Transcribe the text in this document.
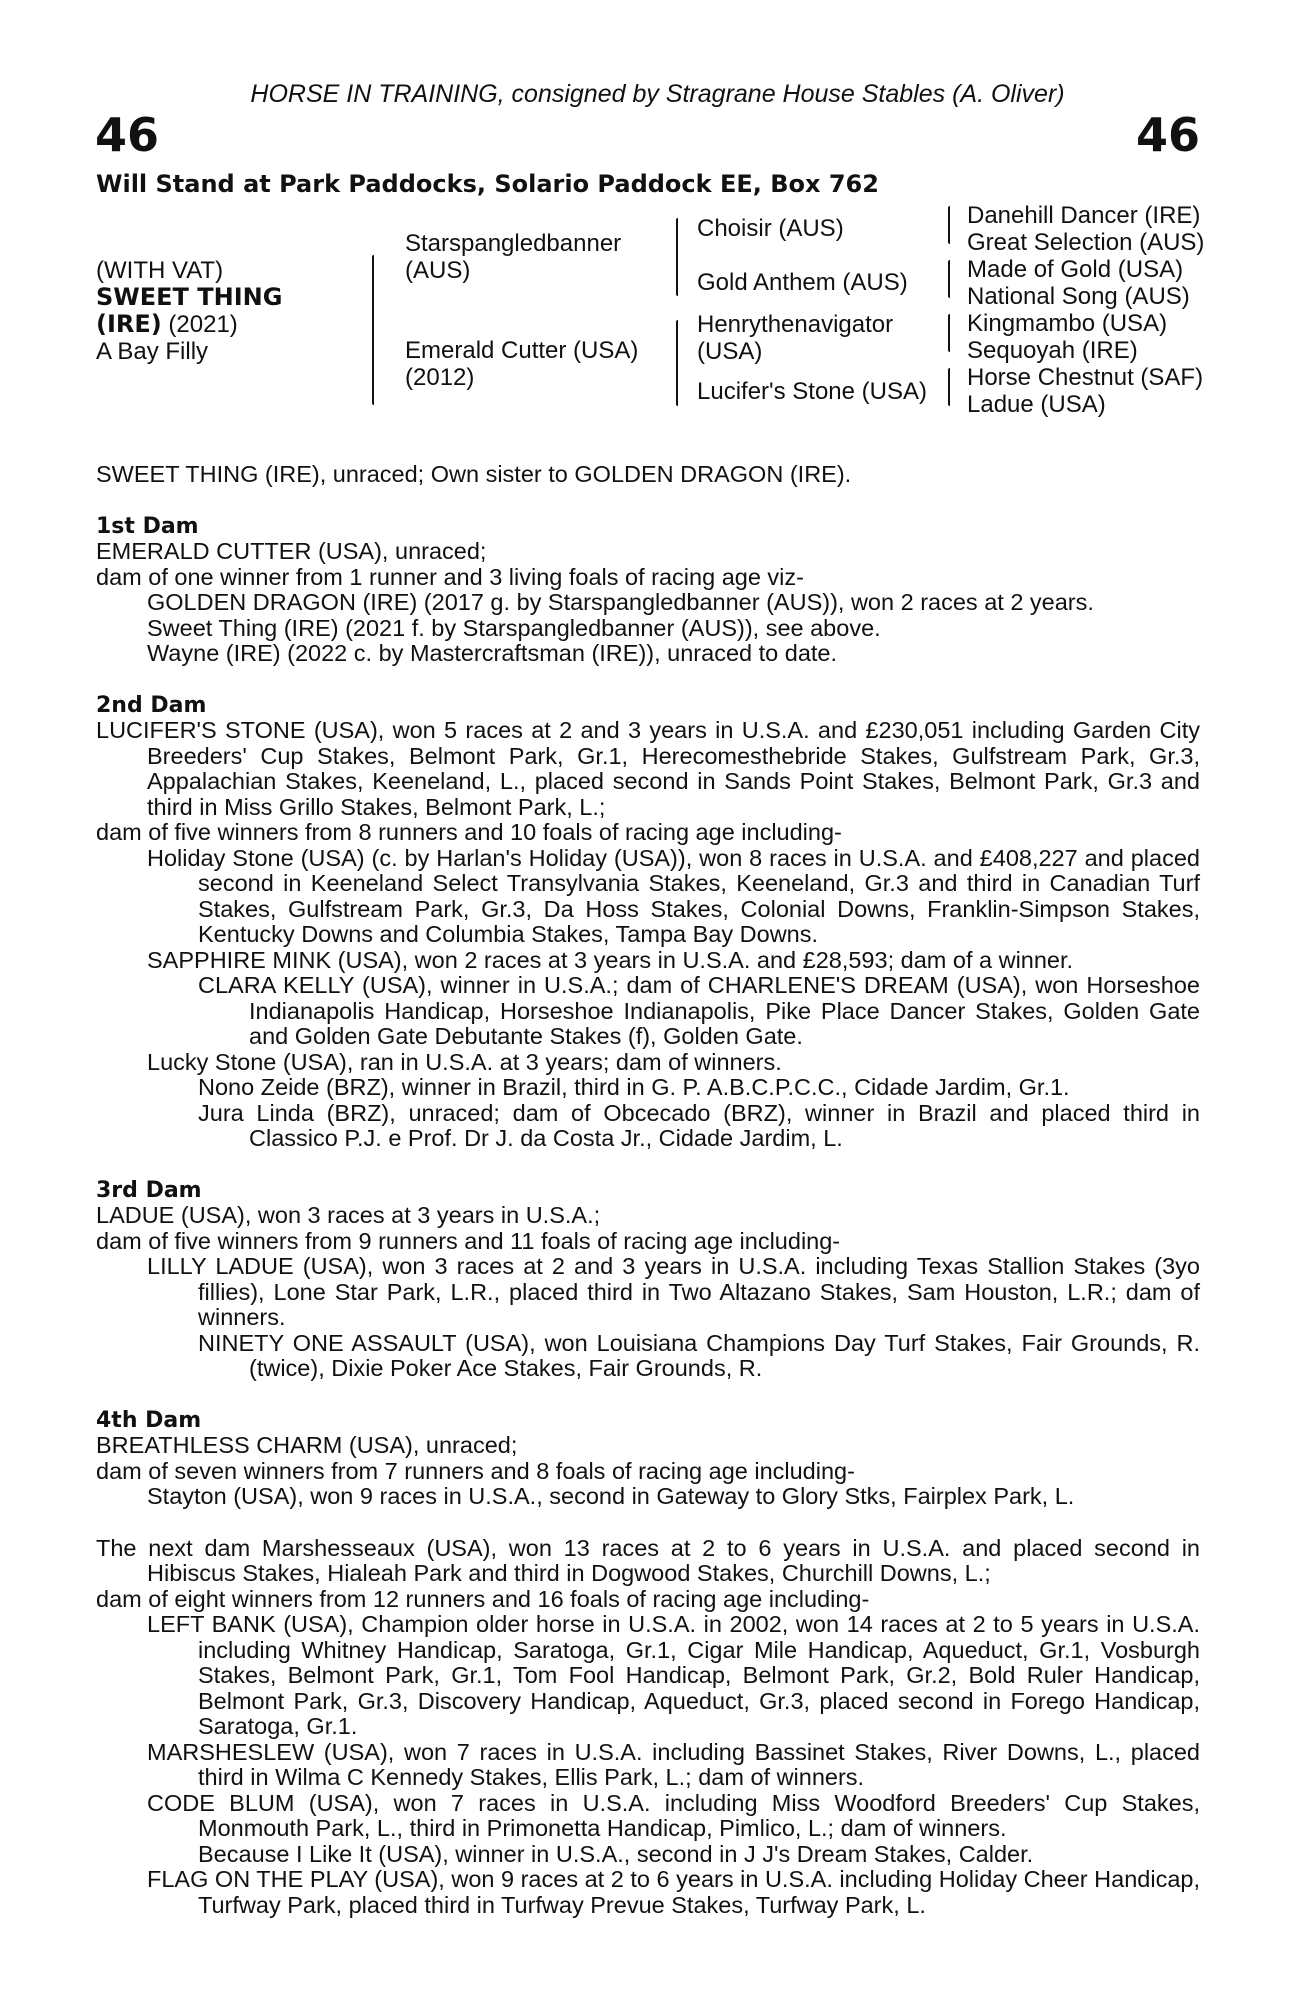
HORSE IN TRAINING, consigned by Stragrane House Stables (A. Oliver)
46	46
Will Stand at Park Paddocks, Solario Paddock EE, Box 762
(WITH VAT)
SWEET THING
(IRE) (2021)
A Bay Filly
Starspangledbanner
(AUS)
Emerald Cutter (USA)
(2012)
Choisir (AUS)
Gold Anthem (AUS)
Henrythenavigator
(USA)
Lucifer's Stone (USA)
Danehill Dancer (IRE)
Great Selection (AUS)
Made of Gold (USA)
National Song (AUS)
Kingmambo (USA)
Sequoyah (IRE)
Horse Chestnut (SAF)
Ladue (USA)

SWEET THING (IRE), unraced; Own sister to GOLDEN DRAGON (IRE).

1st Dam

EMERALD CUTTER (USA), unraced;

dam of one winner from 1 runner and 3 living foals of racing age viz-

GOLDEN DRAGON (IRE) (2017 g. by Starspangledbanner (AUS)), won 2 races at 2 years.

Sweet Thing (IRE) (2021 f. by Starspangledbanner (AUS)), see above.

Wayne (IRE) (2022 c. by Mastercraftsman (IRE)), unraced to date.

2nd Dam

LUCIFER'S STONE (USA), won 5 races at 2 and 3 years in U.S.A. and £230,051 including Garden City Breeders' Cup Stakes, Belmont Park, Gr.1, Herecomesthebride Stakes, Gulfstream Park, Gr.3, Appalachian Stakes, Keeneland, L., placed second in Sands Point Stakes, Belmont Park, Gr.3 and third in Miss Grillo Stakes, Belmont Park, L.;

dam of five winners from 8 runners and 10 foals of racing age including-

Holiday Stone (USA) (c. by Harlan's Holiday (USA)), won 8 races in U.S.A. and £408,227 and placed second in Keeneland Select Transylvania Stakes, Keeneland, Gr.3 and third in Canadian Turf Stakes, Gulfstream Park, Gr.3, Da Hoss Stakes, Colonial Downs, Franklin-Simpson Stakes, Kentucky Downs and Columbia Stakes, Tampa Bay Downs.

SAPPHIRE MINK (USA), won 2 races at 3 years in U.S.A. and £28,593; dam of a winner.

CLARA KELLY (USA), winner in U.S.A.; dam of CHARLENE'S DREAM (USA), won Horseshoe Indianapolis Handicap, Horseshoe Indianapolis, Pike Place Dancer Stakes, Golden Gate and Golden Gate Debutante Stakes (f), Golden Gate.

Lucky Stone (USA), ran in U.S.A. at 3 years; dam of winners.

Nono Zeide (BRZ), winner in Brazil, third in G. P. A.B.C.P.C.C., Cidade Jardim, Gr.1.

Jura Linda (BRZ), unraced; dam of Obcecado (BRZ), winner in Brazil and placed third in Classico P.J. e Prof. Dr J. da Costa Jr., Cidade Jardim, L.

3rd Dam

LADUE (USA), won 3 races at 3 years in U.S.A.;

dam of five winners from 9 runners and 11 foals of racing age including-

LILLY LADUE (USA), won 3 races at 2 and 3 years in U.S.A. including Texas Stallion Stakes (3yo fillies), Lone Star Park, L.R., placed third in Two Altazano Stakes, Sam Houston, L.R.; dam of winners.

NINETY ONE ASSAULT (USA), won Louisiana Champions Day Turf Stakes, Fair Grounds, R. (twice), Dixie Poker Ace Stakes, Fair Grounds, R.

4th Dam

BREATHLESS CHARM (USA), unraced;

dam of seven winners from 7 runners and 8 foals of racing age including-

Stayton (USA), won 9 races in U.S.A., second in Gateway to Glory Stks, Fairplex Park, L.

The next dam Marshesseaux (USA), won 13 races at 2 to 6 years in U.S.A. and placed second in Hibiscus Stakes, Hialeah Park and third in Dogwood Stakes, Churchill Downs, L.;

dam of eight winners from 12 runners and 16 foals of racing age including-

LEFT BANK (USA), Champion older horse in U.S.A. in 2002, won 14 races at 2 to 5 years in U.S.A. including Whitney Handicap, Saratoga, Gr.1, Cigar Mile Handicap, Aqueduct, Gr.1, Vosburgh Stakes, Belmont Park, Gr.1, Tom Fool Handicap, Belmont Park, Gr.2, Bold Ruler Handicap, Belmont Park, Gr.3, Discovery Handicap, Aqueduct, Gr.3, placed second in Forego Handicap, Saratoga, Gr.1.

MARSHESLEW (USA), won 7 races in U.S.A. including Bassinet Stakes, River Downs, L., placed third in Wilma C Kennedy Stakes, Ellis Park, L.; dam of winners.

CODE BLUM (USA), won 7 races in U.S.A. including Miss Woodford Breeders' Cup Stakes, Monmouth Park, L., third in Primonetta Handicap, Pimlico, L.; dam of winners.

Because I Like It (USA), winner in U.S.A., second in J J's Dream Stakes, Calder.

FLAG ON THE PLAY (USA), won 9 races at 2 to 6 years in U.S.A. including Holiday Cheer Handicap, Turfway Park, placed third in Turfway Prevue Stakes, Turfway Park, L.
